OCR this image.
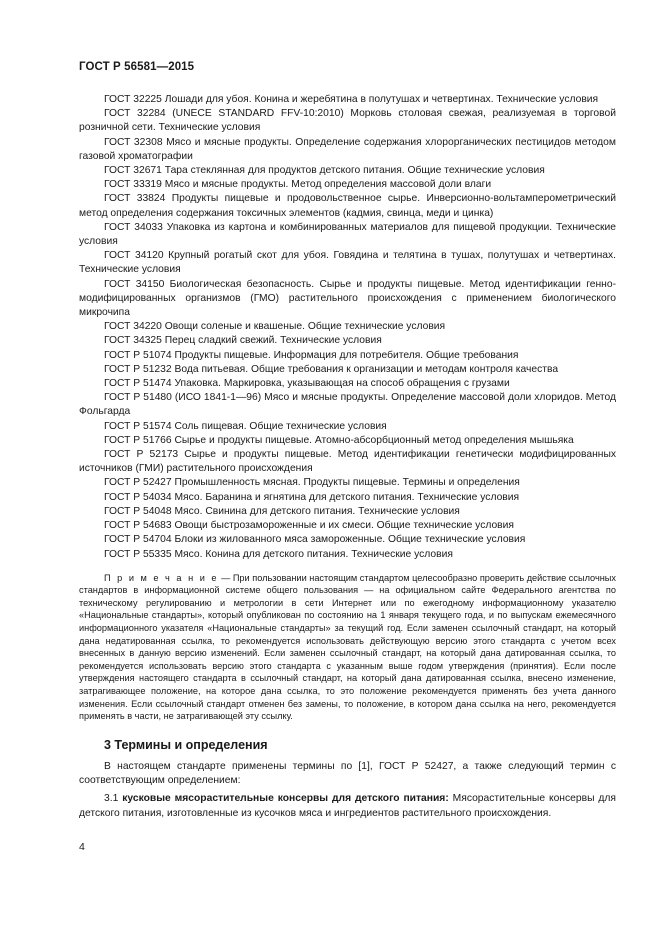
ГОСТ Р 56581—2015

ГОСТ 32225 Лошади для убоя. Конина и жеребятина в полутушах и четвертинах. Технические условия

ГОСТ 32284 (UNECE STANDARD FFV-10:2010) Морковь столовая свежая, реализуемая в торговой розничной сети. Технические условия

ГОСТ 32308 Мясо и мясные продукты. Определение содержания хлорорганических пестицидов методом газовой хроматографии

ГОСТ 32671 Тара стеклянная для продуктов детского питания. Общие технические условия

ГОСТ 33319 Мясо и мясные продукты. Метод определения массовой доли влаги

ГОСТ 33824 Продукты пищевые и продовольственное сырье. Инверсионно-вольтамперометрический метод определения содержания токсичных элементов (кадмия, свинца, меди и цинка)

ГОСТ 34033 Упаковка из картона и комбинированных материалов для пищевой продукции. Технические условия

ГОСТ 34120 Крупный рогатый скот для убоя. Говядина и телятина в тушах, полутушах и четвертинах. Технические условия

ГОСТ 34150 Биологическая безопасность. Сырье и продукты пищевые. Метод идентификации генно-модифицированных организмов (ГМО) растительного происхождения с применением биологического микрочипа

ГОСТ 34220 Овощи соленые и квашеные. Общие технические условия

ГОСТ 34325 Перец сладкий свежий. Технические условия

ГОСТ Р 51074 Продукты пищевые. Информация для потребителя. Общие требования

ГОСТ Р 51232 Вода питьевая. Общие требования к организации и методам контроля качества

ГОСТ Р 51474 Упаковка. Маркировка, указывающая на способ обращения с грузами

ГОСТ Р 51480 (ИСО 1841-1—96) Мясо и мясные продукты. Определение массовой доли хлоридов. Метод Фольгарда

ГОСТ Р 51574 Соль пищевая. Общие технические условия

ГОСТ Р 51766 Сырье и продукты пищевые. Атомно-абсорбционный метод определения мышьяка

ГОСТ Р 52173 Сырье и продукты пищевые. Метод идентификации генетически модифицированных источников (ГМИ) растительного происхождения

ГОСТ Р 52427 Промышленность мясная. Продукты пищевые. Термины и определения

ГОСТ Р 54034 Мясо. Баранина и ягнятина для детского питания. Технические условия

ГОСТ Р 54048 Мясо. Свинина для детского питания. Технические условия

ГОСТ Р 54683 Овощи быстрозамороженные и их смеси. Общие технические условия

ГОСТ Р 54704 Блоки из жилованного мяса замороженные. Общие технические условия

ГОСТ Р 55335 Мясо. Конина для детского питания. Технические условия

П р и м е ч а н и е — При пользовании настоящим стандартом целесообразно проверить действие ссылочных стандартов в информационной системе общего пользования — на официальном сайте Федерального агентства по техническому регулированию и метрологии в сети Интернет или по ежегодному информационному указателю «Национальные стандарты», который опубликован по состоянию на 1 января текущего года, и по выпускам ежемесячного информационного указателя «Национальные стандарты» за текущий год. Если заменен ссылочный стандарт, на который дана недатированная ссылка, то рекомендуется использовать действующую версию этого стандарта с учетом всех внесенных в данную версию изменений. Если заменен ссылочный стандарт, на который дана датированная ссылка, то рекомендуется использовать версию этого стандарта с указанным выше годом утверждения (принятия). Если после утверждения настоящего стандарта в ссылочный стандарт, на который дана датированная ссылка, внесено изменение, затрагивающее положение, на которое дана ссылка, то это положение рекомендуется применять без учета данного изменения. Если ссылочный стандарт отменен без замены, то положение, в котором дана ссылка на него, рекомендуется применять в части, не затрагивающей эту ссылку.
3 Термины и определения

В настоящем стандарте применены термины по [1], ГОСТ Р 52427, а также следующий термин с соответствующим определением:

3.1 кусковые мясорастительные консервы для детского питания: Мясорастительные консервы для детского питания, изготовленные из кусочков мяса и ингредиентов растительного происхождения.

4
